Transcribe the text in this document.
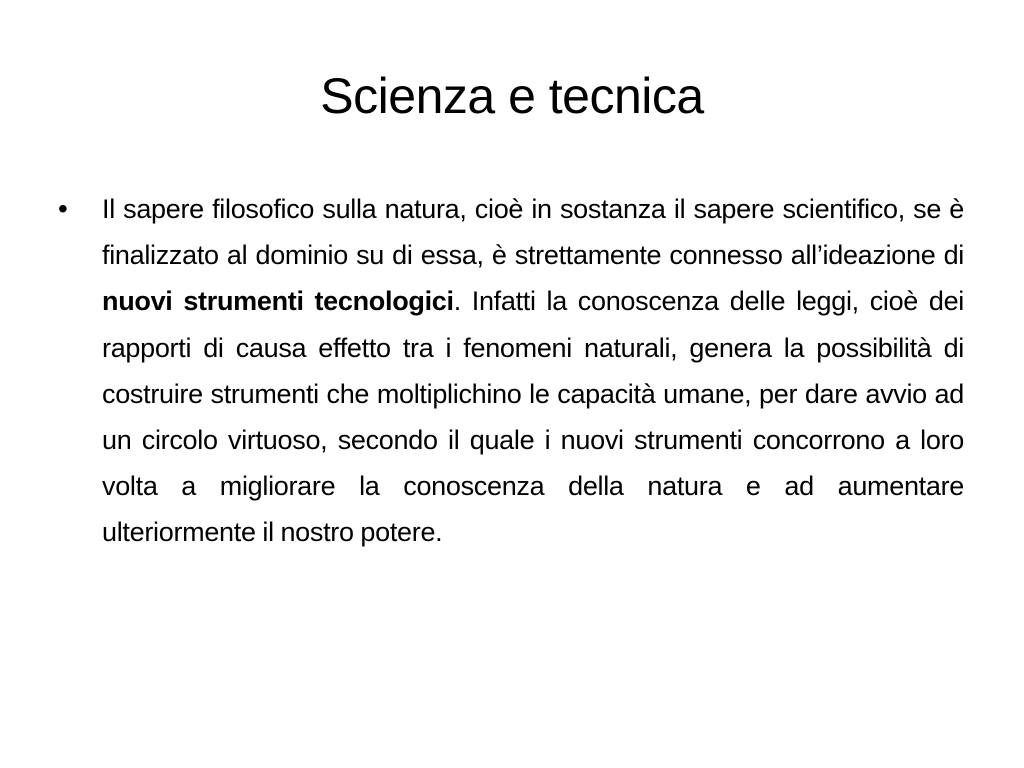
Scienza e tecnica
• Il sapere filosofico sulla natura, cioè in sostanza il sapere scientifico, se è finalizzato al dominio su di essa, è strettamente connesso all’ideazione di nuovi strumenti tecnologici. Infatti la conoscenza delle leggi, cioè dei rapporti di causa effetto tra i fenomeni naturali, genera la possibilità di costruire strumenti che moltiplichino le capacità umane, per dare avvio ad un circolo virtuoso, secondo il quale i nuovi strumenti concorrono a loro volta a migliorare la conoscenza della natura e ad aumentare ulteriormente il nostro potere.
